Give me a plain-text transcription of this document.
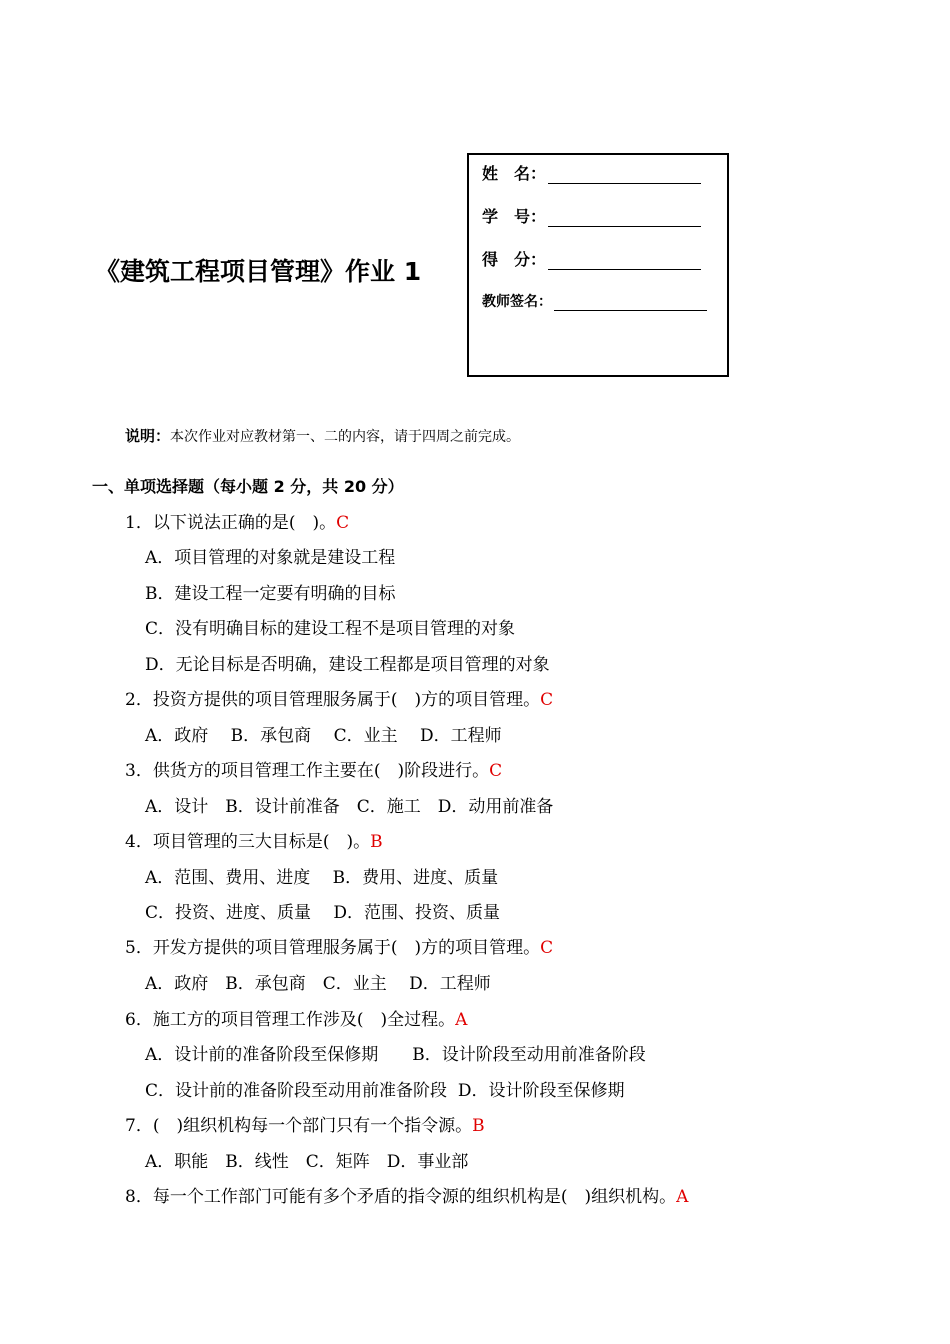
《建筑工程项目管理》作业 1
姓　名：
学　号：
得　分：
教师签名：
说明：本次作业对应教材第一、二的内容，请于四周之前完成。
一、单项选择题（每小题 2 分，共 20 分）
1．以下说法正确的是(　)。C
A．项目管理的对象就是建设工程
B．建设工程一定要有明确的目标
C．没有明确目标的建设工程不是项目管理的对象
D．无论目标是否明确，建设工程都是项目管理的对象
2．投资方提供的项目管理服务属于(　)方的项目管理。C
A．政府　 B．承包商　 C．业主　 D．工程师
3．供货方的项目管理工作主要在(　)阶段进行。C
A．设计　B．设计前准备　C．施工　D．动用前准备
4．项目管理的三大目标是(　)。B
A．范围、费用、进度　 B．费用、进度、质量
C．投资、进度、质量　 D．范围、投资、质量
5．开发方提供的项目管理服务属于(　)方的项目管理。C
A．政府　B．承包商　C．业主　 D．工程师
6．施工方的项目管理工作涉及(　)全过程。A
A．设计前的准备阶段至保修期　　B．设计阶段至动用前准备阶段
C．设计前的准备阶段至动用前准备阶段  D．设计阶段至保修期
7．(　)组织机构每一个部门只有一个指令源。B
A．职能　B．线性　C．矩阵　D．事业部
8．每一个工作部门可能有多个矛盾的指令源的组织机构是(　)组织机构。A
